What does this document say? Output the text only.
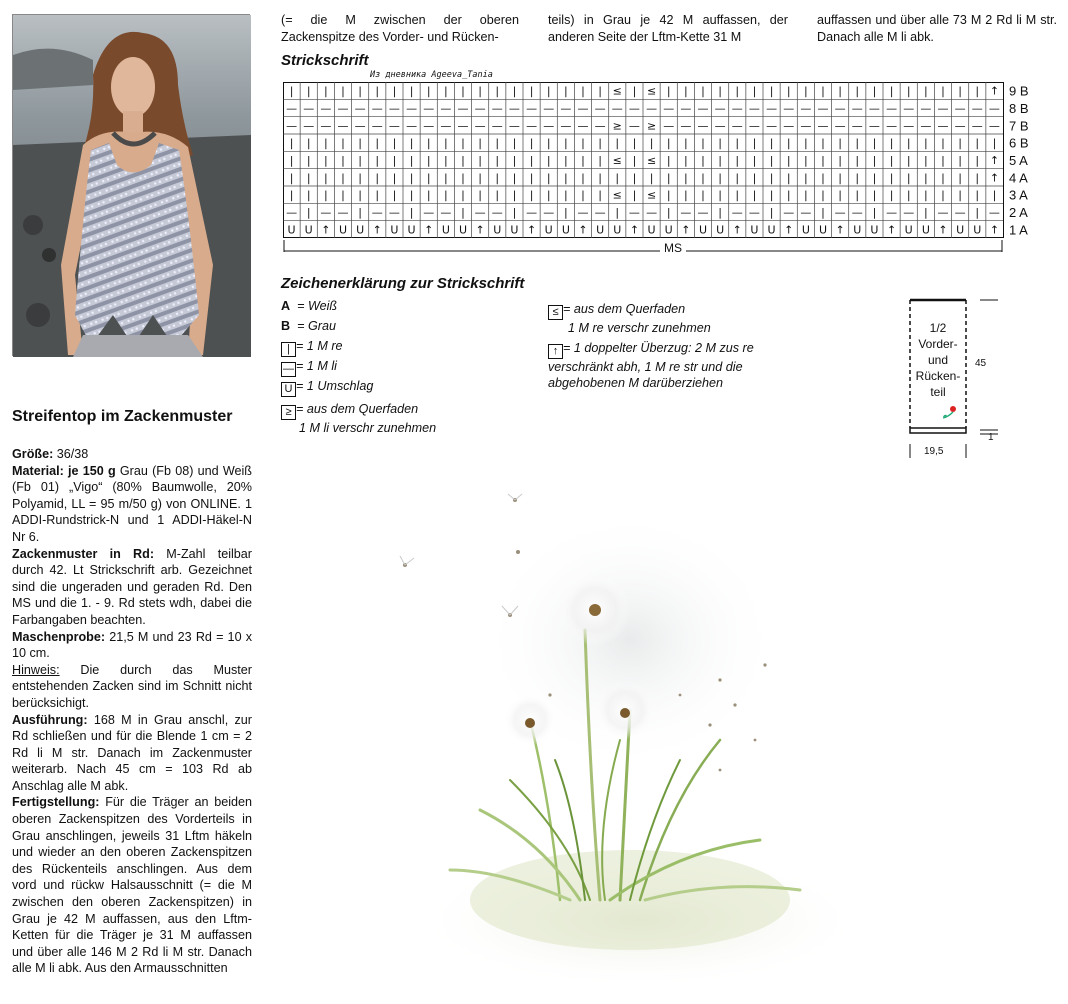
Streifentop im Zackenmuster

Größe: 36/38

Material: je 150 g Grau (Fb 08) und Weiß (Fb 01) „Vigo“ (80% Baumwolle, 20% Polyamid, LL = 95 m/50 g) von ONLINE. 1 ADDI-Rundstrick-N und 1 ADDI-Häkel-N Nr 6.

Zackenmuster in Rd: M-Zahl teilbar durch 42. Lt Strickschrift arb. Gezeichnet sind die ungeraden und geraden Rd. Den MS und die 1. - 9. Rd stets wdh, dabei die Farbangaben beachten.

Maschenprobe: 21,5 M und 23 Rd = 10 x 10 cm.

Hinweis: Die durch das Muster entstehenden Zacken sind im Schnitt nicht berücksichigt.

Ausführung: 168 M in Grau anschl, zur Rd schließen und für die Blende 1 cm = 2 Rd li M str. Danach im Zackenmuster weiterarb. Nach 45 cm = 103 Rd ab Anschlag alle M abk.

Fertigstellung: Für die Träger an beiden oberen Zackenspitzen des Vorderteils in Grau anschlingen, jeweils 31 Lftm häkeln und wieder an den oberen Zackenspitzen des Rückenteils anschlingen. Aus dem vord und rückw Halsausschnitt (= die M zwischen den oberen Zackenspitzen) in Grau je 42 M auffassen, aus den Lftm-Ketten für die Träger je 31 M auffassen und über alle 146 M 2 Rd li M str. Danach alle M li abk. Aus den Armausschnitten

(= die M zwischen der oberen Zackenspitze des Vorder- und Rücken-
teils) in Grau je 42 M auffassen, der anderen Seite der Lftm-Kette 31 M
auffassen und über alle 73 M 2 Rd li M str. Danach alle M li abk.
Strickschrift
Из дневника Ageeva_Tania
| | | | | | | | | | | | | | | | | | | ≤ | ≤ | | | | | | | | | | | | | | | | | | | ↑
— — — — — — — — — — — — — — — — — — — — — — — — — — — — — — — — — — — — — — — — — —
— — — — — — — — — — — — — — — — — — — ≥ — ≥ — — — — — — — — — — — — — — — — — — — —
| | | | | | | | | | | | | | | | | | | | | | | | | | | | | | | | | | | | | | | | | |
| | | | | | | | | | | | | | | | | | | ≤ | ≤ | | | | | | | | | | | | | | | | | | | ↑
| | | | | | | | | | | | | | | | | | | | | | | | | | | | | | | | | | | | | | | | | ↑
| | | | | | | | | | | | | | | | | | | ≤ | ≤ | | | | | | | | | | | | | | | | | | | |
— | — — | — — | — — | — — | — — | — — | — — | — — | — — | — — | — — | — — | — — | —
U U ↑ U U ↑ U U ↑ U U ↑ U U ↑ U U ↑ U U ↑ U U ↑ U U ↑ U U ↑ U U ↑ U U ↑ U U ↑ U U ↑
9 B
8 B
7 B
6 B
5 A
4 A
3 A
2 A
1 A
MS
Zeichenerklärung zur Strickschrift
A = Weiß
B = Grau
| = 1 M re
— = 1 M li
U = 1 Umschlag
≥ = aus dem Querfaden
1 M li verschr zunehmen
≤ = aus dem Querfaden
1 M re verschr zunehmen
↑ = 1 doppelter Überzug: 2 M zus re
verschränkt abh, 1 M re str und die
abgehobenen M darüberziehen
1/2
Vorder-
und
Rücken-
teil
45
1
19,5
